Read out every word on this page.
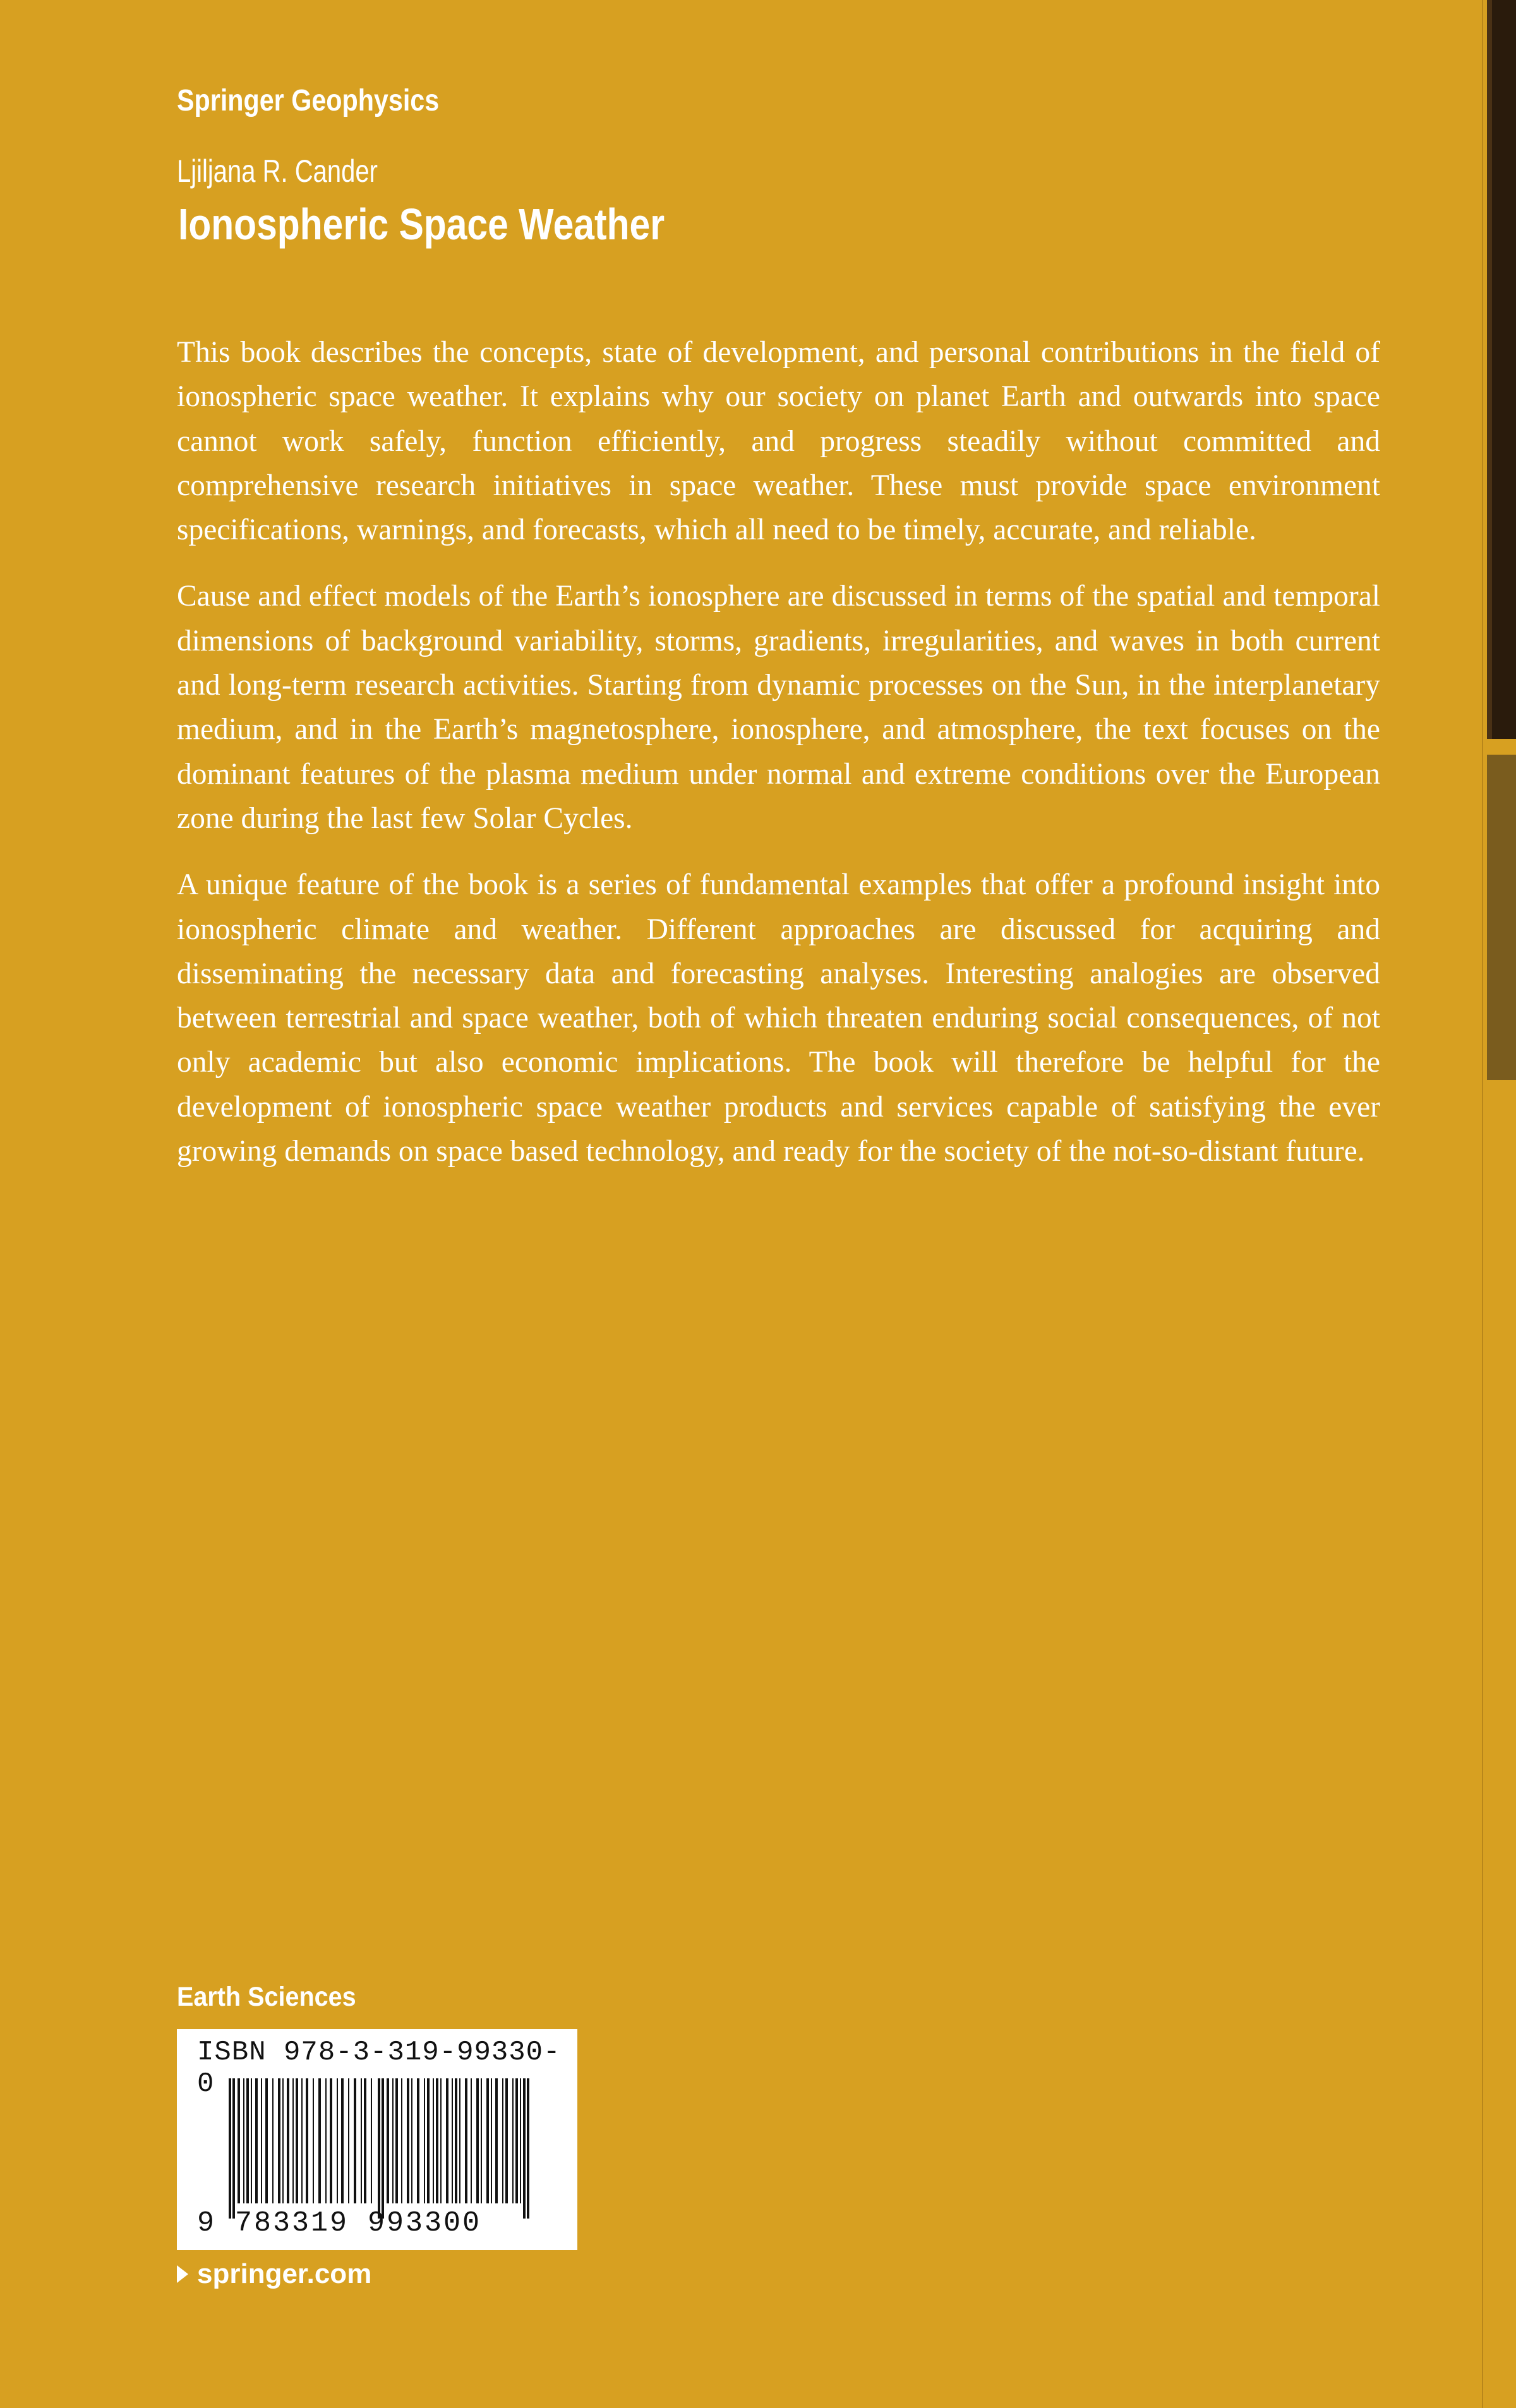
Springer Geophysics
Ljiljana R. Cander
Ionospheric Space Weather

This book describes the concepts, state of development, and personal contributions in the field of ionospheric space weather. It explains why our society on planet Earth and outwards into space cannot work safely, function efficiently, and progress steadily without committed and comprehensive research initiatives in space weather. These must provide space environment specifications, warnings, and forecasts, which all need to be timely, accurate, and reliable.

Cause and effect models of the Earth’s ionosphere are discussed in terms of the spatial and temporal dimensions of background variability, storms, gradients, irregularities, and waves in both current and long-term research activities. Starting from dynamic processes on the Sun, in the interplanetary medium, and in the Earth’s magnetosphere, ionosphere, and atmosphere, the text focuses on the dominant features of the plasma medium under normal and extreme conditions over the European zone during the last few Solar Cycles.

A unique feature of the book is a series of fundamental examples that offer a profound insight into ionospheric climate and weather. Different approaches are discussed for acquiring and disseminating the necessary data and forecasting analyses. Interesting analogies are observed between terrestrial and space weather, both of which threaten enduring social consequences, of not only academic but also economic implications. The book will therefore be helpful for the development of ionospheric space weather products and services capable of satisfying the ever growing demands on space based technology, and ready for the society of the not-so-distant future.

Earth Sciences
ISBN 978-3-319-99330-0
9 783319 993300
springer.com
